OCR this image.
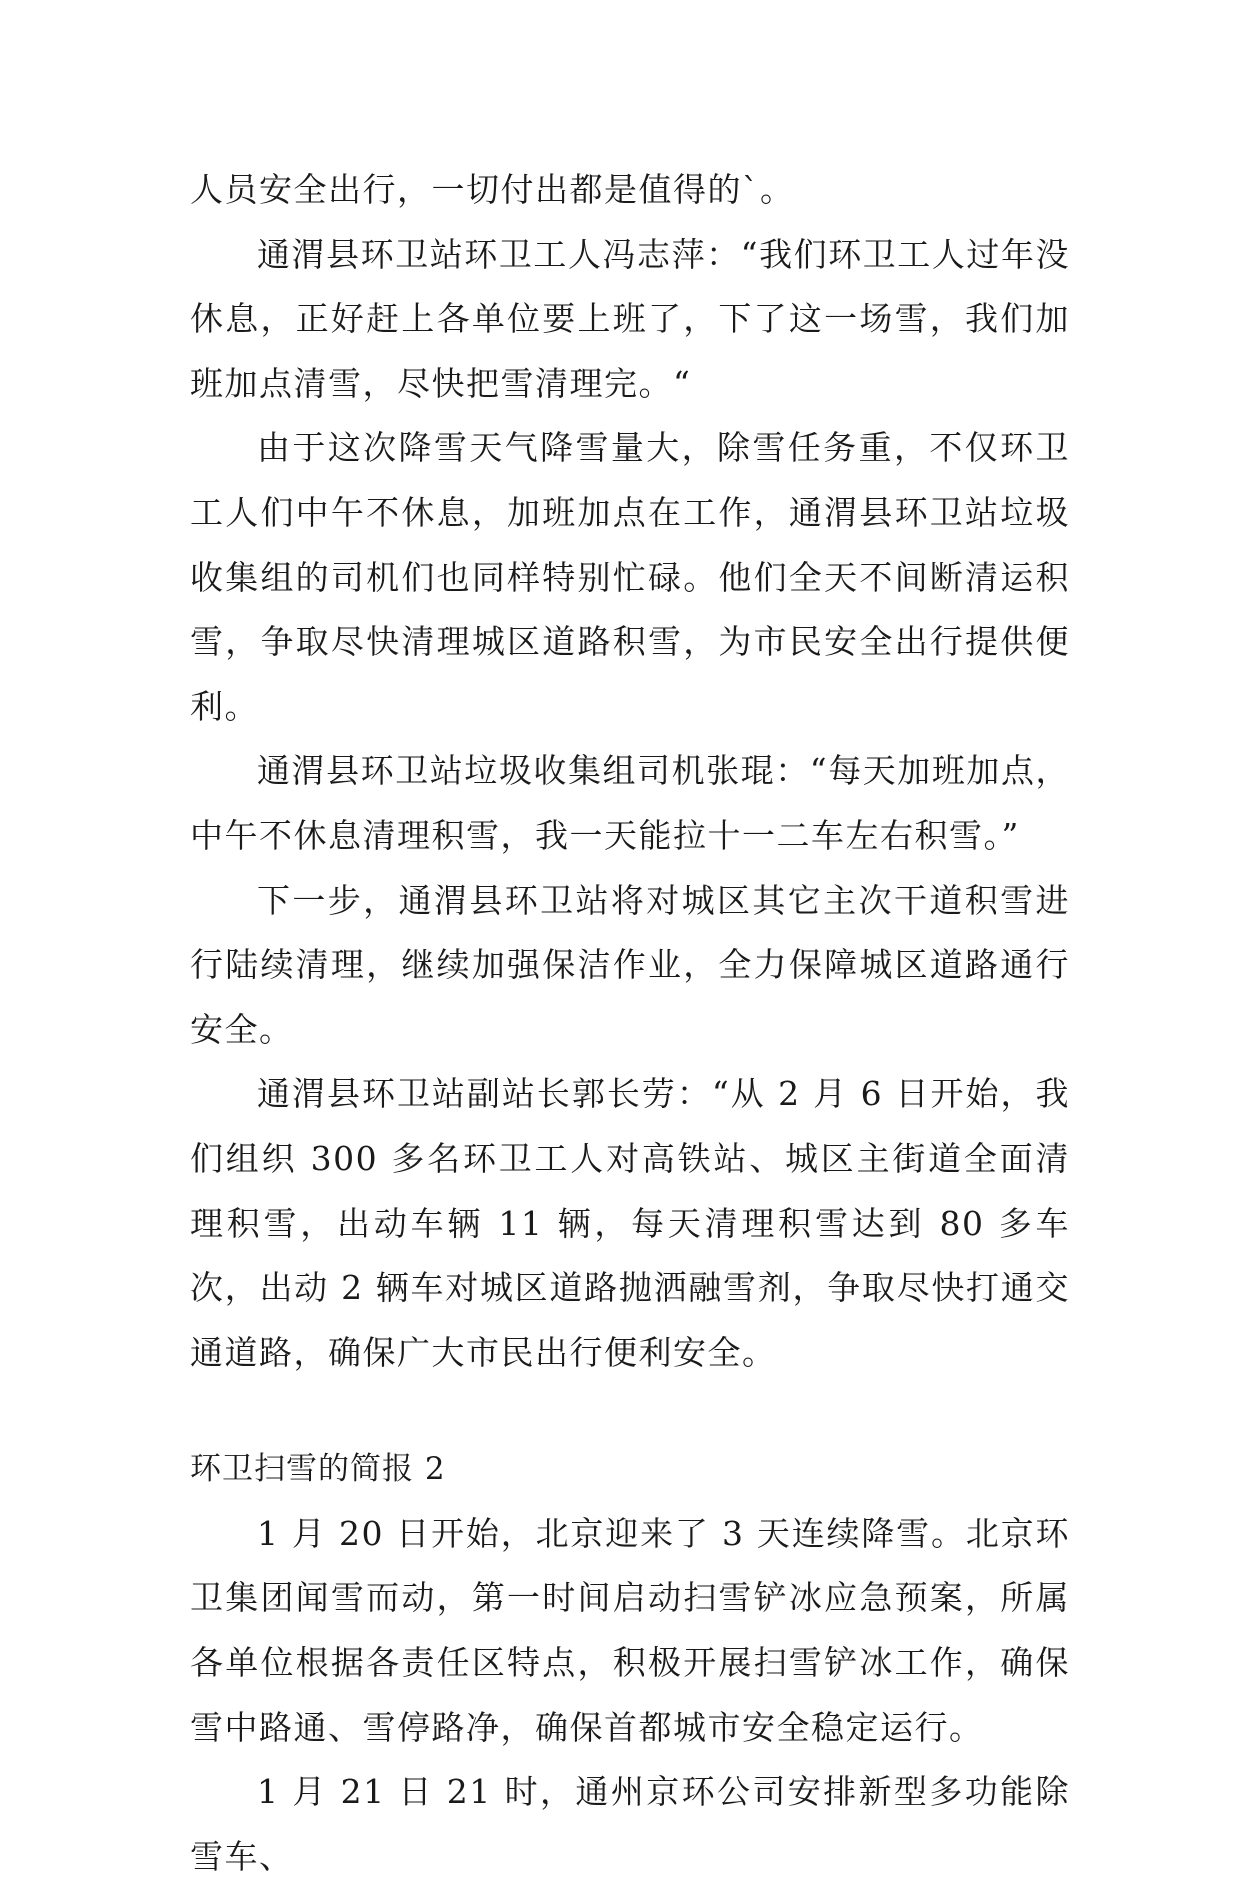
人员安全出行，一切付出都是值得的`。

通渭县环卫站环卫工人冯志萍：“我们环卫工人过年没休息，正好赶上各单位要上班了，下了这一场雪，我们加班加点清雪，尽快把雪清理完。“

由于这次降雪天气降雪量大，除雪任务重，不仅环卫工人们中午不休息，加班加点在工作，通渭县环卫站垃圾收集组的司机们也同样特别忙碌。他们全天不间断清运积雪，争取尽快清理城区道路积雪，为市民安全出行提供便利。

通渭县环卫站垃圾收集组司机张琨：“每天加班加点，中午不休息清理积雪，我一天能拉十一二车左右积雪。”

下一步，通渭县环卫站将对城区其它主次干道积雪进行陆续清理，继续加强保洁作业，全力保障城区道路通行安全。

通渭县环卫站副站长郭长劳：“从 2 月 6 日开始，我们组织 300 多名环卫工人对高铁站、城区主街道全面清理积雪，出动车辆 11 辆，每天清理积雪达到 80 多车次，出动 2 辆车对城区道路抛洒融雪剂，争取尽快打通交通道路，确保广大市民出行便利安全。

环卫扫雪的简报 2

1 月 20 日开始，北京迎来了 3 天连续降雪。北京环卫集团闻雪而动，第一时间启动扫雪铲冰应急预案，所属各单位根据各责任区特点，积极开展扫雪铲冰工作，确保雪中路通、雪停路净，确保首都城市安全稳定运行。

1 月 21 日 21 时，通州京环公司安排新型多功能除雪车、
